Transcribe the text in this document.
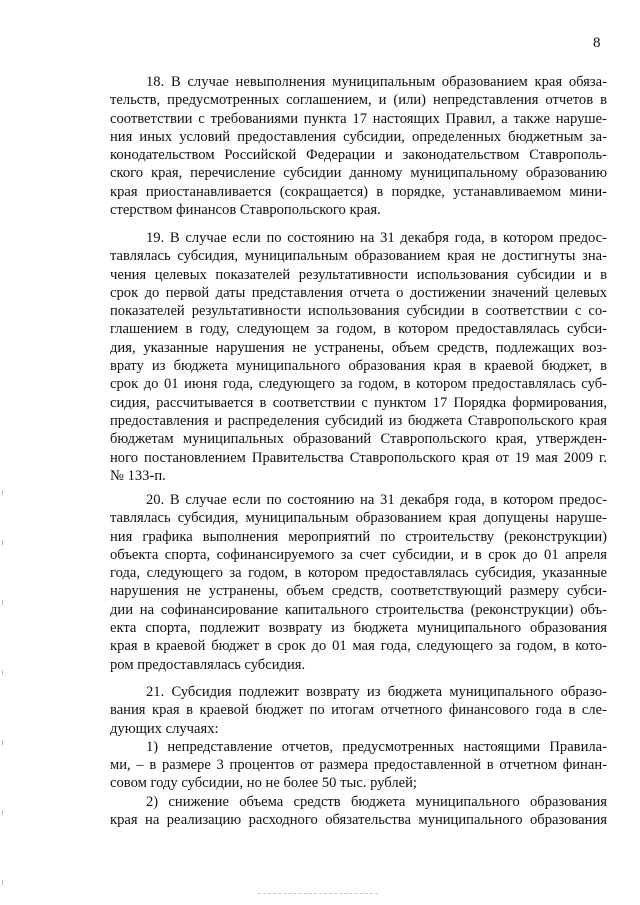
8
18. В случае невыполнения муниципальным образованием края обяза-
тельств, предусмотренных соглашением, и (или) непредставления отчетов в
соответствии с требованиями пункта 17 настоящих Правил, а также наруше-
ния иных условий предоставления субсидии, определенных бюджетным за-
конодательством Российской Федерации и законодательством Ставрополь-
ского края, перечисление субсидии данному муниципальному образованию
края приостанавливается (сокращается) в порядке, устанавливаемом мини-
стерством финансов Ставропольского края.
19. В случае если по состоянию на 31 декабря года, в котором предос-
тавлялась субсидия, муниципальным образованием края не достигнуты зна-
чения целевых показателей результативности использования субсидии и в
срок до первой даты представления отчета о достижении значений целевых
показателей результативности использования субсидии в соответствии с со-
глашением в году, следующем за годом, в котором предоставлялась субси-
дия, указанные нарушения не устранены, объем средств, подлежащих воз-
врату из бюджета муниципального образования края в краевой бюджет, в
срок до 01 июня года, следующего за годом, в котором предоставлялась суб-
сидия, рассчитывается в соответствии с пунктом 17 Порядка формирования,
предоставления и распределения субсидий из бюджета Ставропольского края
бюджетам муниципальных образований Ставропольского края, утвержден-
ного постановлением Правительства Ставропольского края от 19 мая 2009 г.
№ 133-п.
20. В случае если по состоянию на 31 декабря года, в котором предос-
тавлялась субсидия, муниципальным образованием края допущены наруше-
ния графика выполнения мероприятий по строительству (реконструкции)
объекта спорта, софинансируемого за счет субсидии, и в срок до 01 апреля
года, следующего за годом, в котором предоставлялась субсидия, указанные
нарушения не устранены, объем средств, соответствующий размеру субси-
дии на софинансирование капитального строительства (реконструкции) объ-
екта спорта, подлежит возврату из бюджета муниципального образования
края в краевой бюджет в срок до 01 мая года, следующего за годом, в кото-
ром предоставлялась субсидия.
21. Субсидия подлежит возврату из бюджета муниципального образо-
вания края в краевой бюджет по итогам отчетного финансового года в сле-
дующих случаях:
1) непредставление отчетов, предусмотренных настоящими Правила-
ми, – в размере 3 процентов от размера предоставленной в отчетном финан-
совом году субсидии, но не более 50 тыс. рублей;
2) снижение объема средств бюджета муниципального образования
края на реализацию расходного обязательства муниципального образования
